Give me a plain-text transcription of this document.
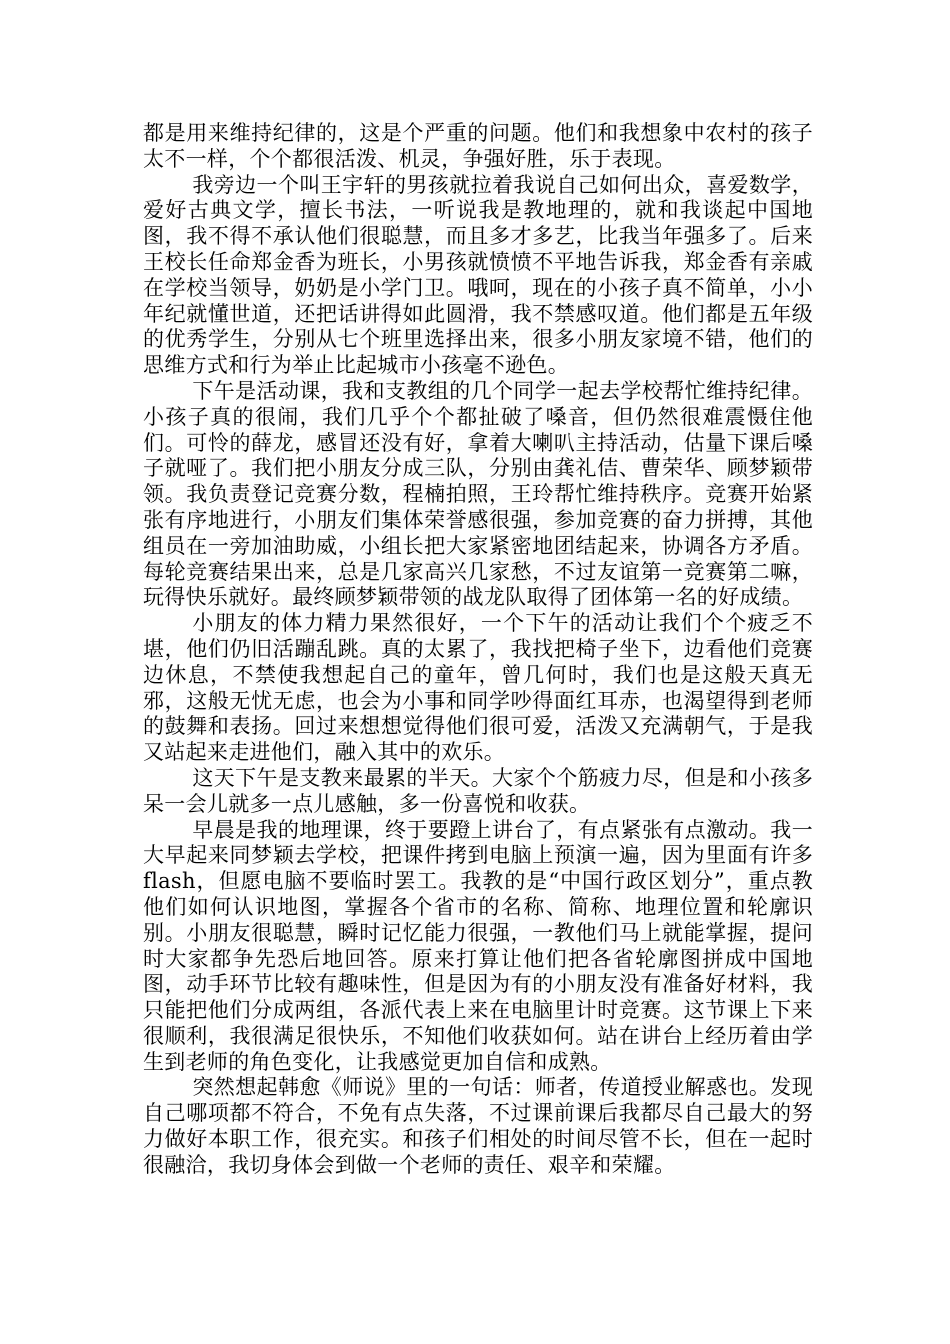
都是用来维持纪律的，这是个严重的问题。他们和我想象中农村的孩子太不一样，个个都很活泼、机灵，争强好胜，乐于表现。

我旁边一个叫王宇轩的男孩就拉着我说自己如何出众，喜爱数学，爱好古典文学，擅长书法，一听说我是教地理的，就和我谈起中国地图，我不得不承认他们很聪慧，而且多才多艺，比我当年强多了。后来王校长任命郑金香为班长，小男孩就愤愤不平地告诉我，郑金香有亲戚在学校当领导，奶奶是小学门卫。哦呵，现在的小孩子真不简单，小小年纪就懂世道，还把话讲得如此圆滑，我不禁感叹道。他们都是五年级的优秀学生，分别从七个班里选择出来，很多小朋友家境不错，他们的思维方式和行为举止比起城市小孩毫不逊色。

下午是活动课，我和支教组的几个同学一起去学校帮忙维持纪律。小孩子真的很闹，我们几乎个个都扯破了嗓音，但仍然很难震慑住他们。可怜的薛龙，感冒还没有好，拿着大喇叭主持活动，估量下课后嗓子就哑了。我们把小朋友分成三队，分别由龚礼佶、曹荣华、顾梦颖带领。我负责登记竞赛分数，程楠拍照，王玲帮忙维持秩序。竞赛开始紧张有序地进行，小朋友们集体荣誉感很强，参加竞赛的奋力拼搏，其他组员在一旁加油助威，小组长把大家紧密地团结起来，协调各方矛盾。每轮竞赛结果出来，总是几家高兴几家愁，不过友谊第一竞赛第二嘛，玩得快乐就好。最终顾梦颖带领的战龙队取得了团体第一名的好成绩。

小朋友的体力精力果然很好，一个下午的活动让我们个个疲乏不堪，他们仍旧活蹦乱跳。真的太累了，我找把椅子坐下，边看他们竞赛边休息，不禁使我想起自己的童年，曾几何时，我们也是这般天真无邪，这般无忧无虑，也会为小事和同学吵得面红耳赤，也渴望得到老师的鼓舞和表扬。回过来想想觉得他们很可爱，活泼又充满朝气，于是我又站起来走进他们，融入其中的欢乐。

这天下午是支教来最累的半天。大家个个筋疲力尽，但是和小孩多呆一会儿就多一点儿感触，多一份喜悦和收获。

早晨是我的地理课，终于要蹬上讲台了，有点紧张有点激动。我一大早起来同梦颖去学校，把课件拷到电脑上预演一遍，因为里面有许多 flash，但愿电脑不要临时罢工。我教的是“中国行政区划分”，重点教他们如何认识地图，掌握各个省市的名称、简称、地理位置和轮廓识别。小朋友很聪慧，瞬时记忆能力很强，一教他们马上就能掌握，提问时大家都争先恐后地回答。原来打算让他们把各省轮廓图拼成中国地图，动手环节比较有趣味性，但是因为有的小朋友没有准备好材料，我只能把他们分成两组，各派代表上来在电脑里计时竞赛。这节课上下来很顺利，我很满足很快乐，不知他们收获如何。站在讲台上经历着由学生到老师的角色变化，让我感觉更加自信和成熟。

突然想起韩愈《师说》里的一句话：师者，传道授业解惑也。发现自己哪项都不符合，不免有点失落，不过课前课后我都尽自己最大的努力做好本职工作，很充实。和孩子们相处的时间尽管不长，但在一起时很融洽，我切身体会到做一个老师的责任、艰辛和荣耀。
